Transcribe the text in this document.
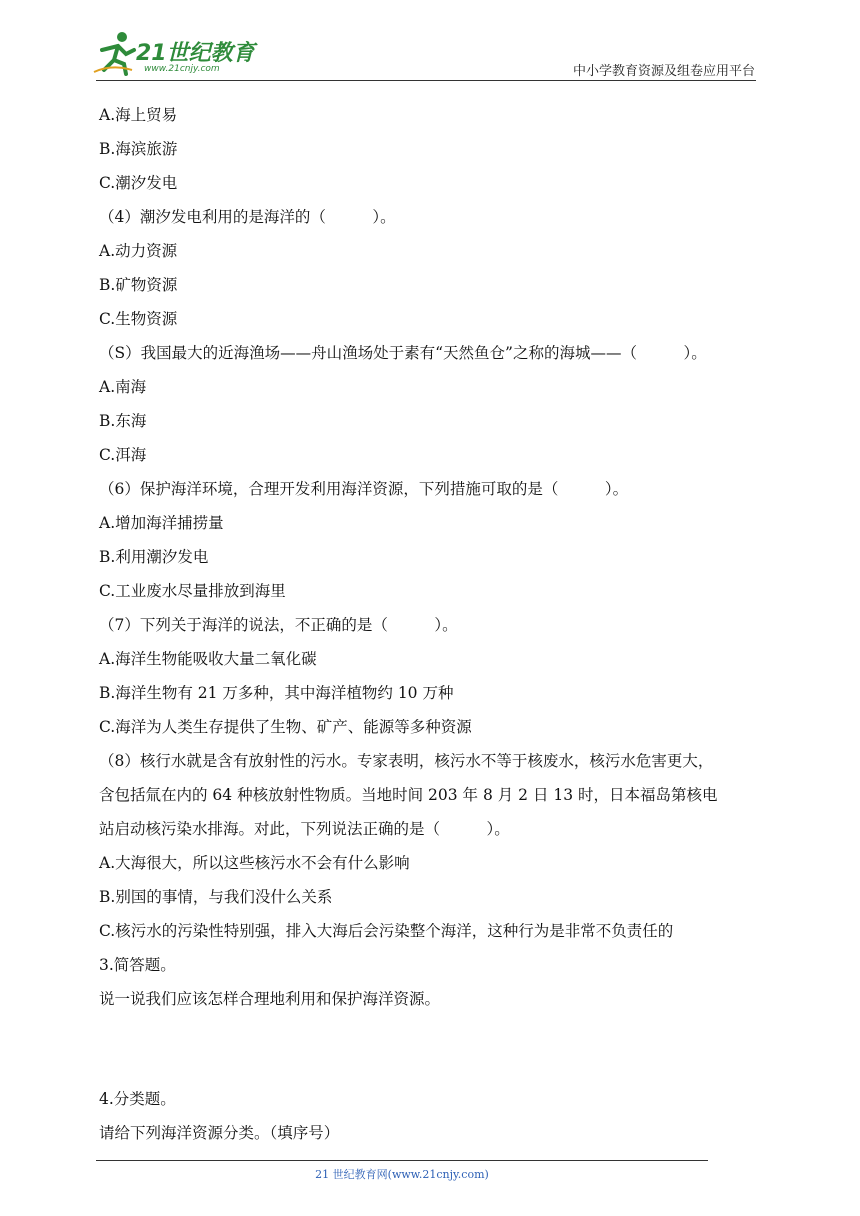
21世纪教育
www.21cnjy.com	中小学教育资源及组卷应用平台
A.海上贸易
B.海滨旅游
C.潮汐发电
（4）潮汐发电利用的是海洋的（　　　）。
A.动力资源
B.矿物资源
C.生物资源
（S）我国最大的近海渔场——舟山渔场处于素有“天然鱼仓”之称的海城——（　　　）。
A.南海
B.东海
C.洱海
（6）保护海洋环境，合理开发利用海洋资源，下列措施可取的是（　　　）。
A.增加海洋捕捞量
B.利用潮汐发电
C.工业废水尽量排放到海里
（7）下列关于海洋的说法，不正确的是（　　　）。
A.海洋生物能吸收大量二氧化碳
B.海洋生物有 21 万多种，其中海洋植物约 10 万种
C.海洋为人类生存提供了生物、矿产、能源等多种资源
（8）核行水就是含有放射性的污水。专家表明，核污水不等于核废水，核污水危害更大，
含包括氚在内的 64 种核放射性物质。当地时间 203 年 8 月 2 日 13 时，日本福岛第核电
站启动核污染水排海。对此，下列说法正确的是（　　　）。
A.大海很大，所以这些核污水不会有什么影响
B.别国的事情，与我们没什么关系
C.核污水的污染性特别强，排入大海后会污染整个海洋，这种行为是非常不负责任的
3.简答题。
说一说我们应该怎样合理地利用和保护海洋资源。
4.分类题。
请给下列海洋资源分类。（填序号）
21 世纪教育网(www.21cnjy.com)
